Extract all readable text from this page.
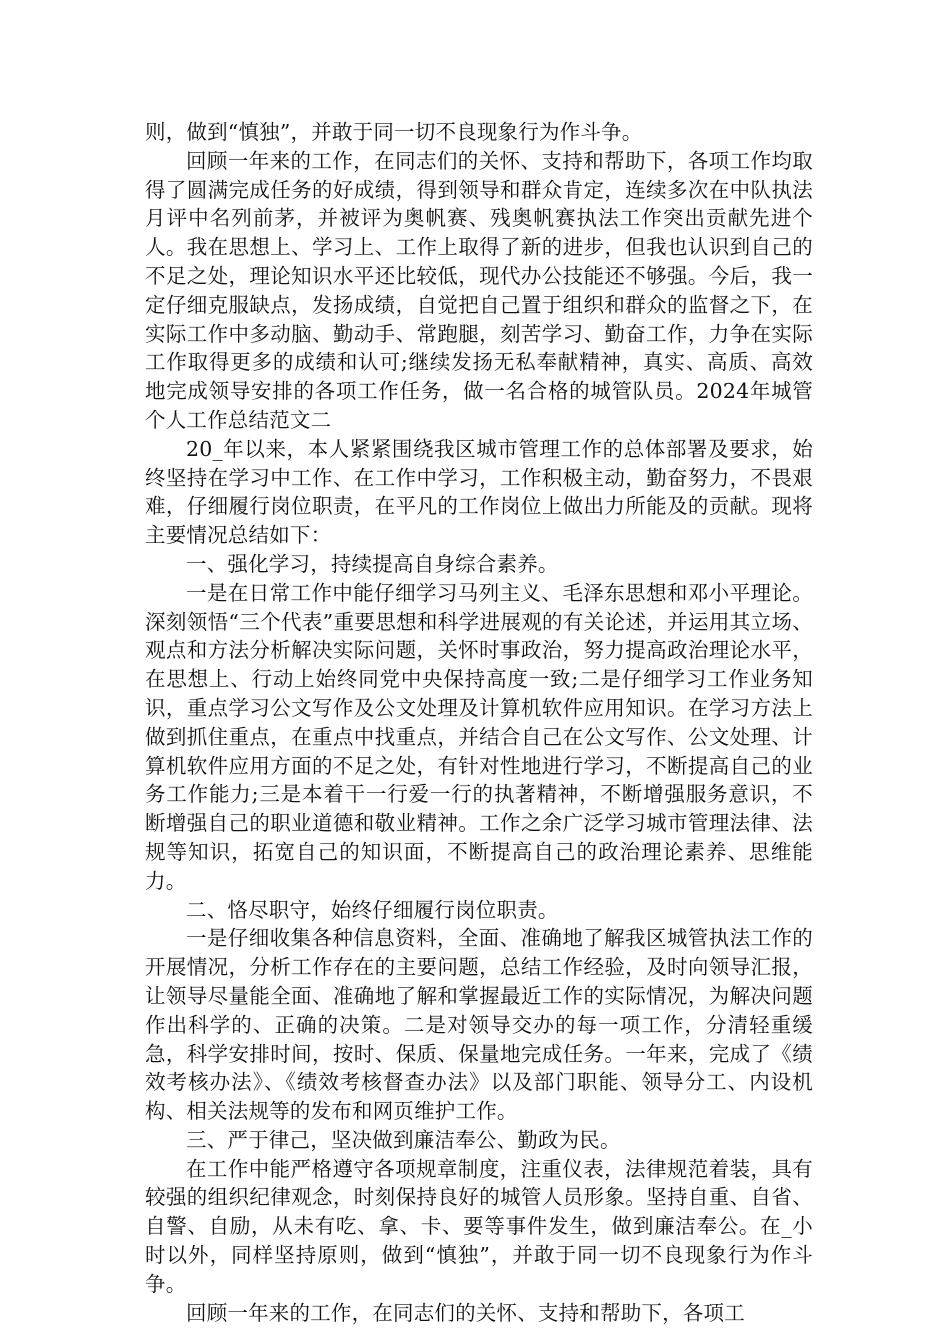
则，做到“慎独”，并敢于同一切不良现象行为作斗争。

回顾一年来的工作，在同志们的关怀、支持和帮助下，各项工作均取得了圆满完成任务的好成绩，得到领导和群众肯定，连续多次在中队执法月评中名列前茅，并被评为奥帆赛、残奥帆赛执法工作突出贡献先进个人。我在思想上、学习上、工作上取得了新的进步，但我也认识到自己的不足之处，理论知识水平还比较低，现代办公技能还不够强。今后，我一定仔细克服缺点，发扬成绩，自觉把自己置于组织和群众的监督之下，在实际工作中多动脑、勤动手、常跑腿，刻苦学习、勤奋工作，力争在实际工作取得更多的成绩和认可;继续发扬无私奉献精神，真实、高质、高效地完成领导安排的各项工作任务，做一名合格的城管队员。2024年城管个人工作总结范文二

20_年以来，本人紧紧围绕我区城市管理工作的总体部署及要求，始终坚持在学习中工作、在工作中学习，工作积极主动，勤奋努力，不畏艰难，仔细履行岗位职责，在平凡的工作岗位上做出力所能及的贡献。现将主要情况总结如下：

一、强化学习，持续提高自身综合素养。

一是在日常工作中能仔细学习马列主义、毛泽东思想和邓小平理论。深刻领悟“三个代表”重要思想和科学进展观的有关论述，并运用其立场、观点和方法分析解决实际问题，关怀时事政治，努力提高政治理论水平，在思想上、行动上始终同党中央保持高度一致;二是仔细学习工作业务知识，重点学习公文写作及公文处理及计算机软件应用知识。在学习方法上做到抓住重点，在重点中找重点，并结合自己在公文写作、公文处理、计算机软件应用方面的不足之处，有针对性地进行学习，不断提高自己的业务工作能力;三是本着干一行爱一行的执著精神，不断增强服务意识，不断增强自己的职业道德和敬业精神。工作之余广泛学习城市管理法律、法规等知识，拓宽自己的知识面，不断提高自己的政治理论素养、思维能力。

二、恪尽职守，始终仔细履行岗位职责。

一是仔细收集各种信息资料，全面、准确地了解我区城管执法工作的开展情况，分析工作存在的主要问题，总结工作经验，及时向领导汇报，让领导尽量能全面、准确地了解和掌握最近工作的实际情况，为解决问题作出科学的、正确的决策。二是对领导交办的每一项工作，分清轻重缓急，科学安排时间，按时、保质、保量地完成任务。一年来，完成了《绩效考核办法》、《绩效考核督查办法》以及部门职能、领导分工、内设机构、相关法规等的发布和网页维护工作。

三、严于律己，坚决做到廉洁奉公、勤政为民。

在工作中能严格遵守各项规章制度，注重仪表，法律规范着装，具有较强的组织纪律观念，时刻保持良好的城管人员形象。坚持自重、自省、自警、自励，从未有吃、拿、卡、要等事件发生，做到廉洁奉公。在_小时以外，同样坚持原则，做到“慎独”，并敢于同一切不良现象行为作斗争。

回顾一年来的工作，在同志们的关怀、支持和帮助下，各项工
